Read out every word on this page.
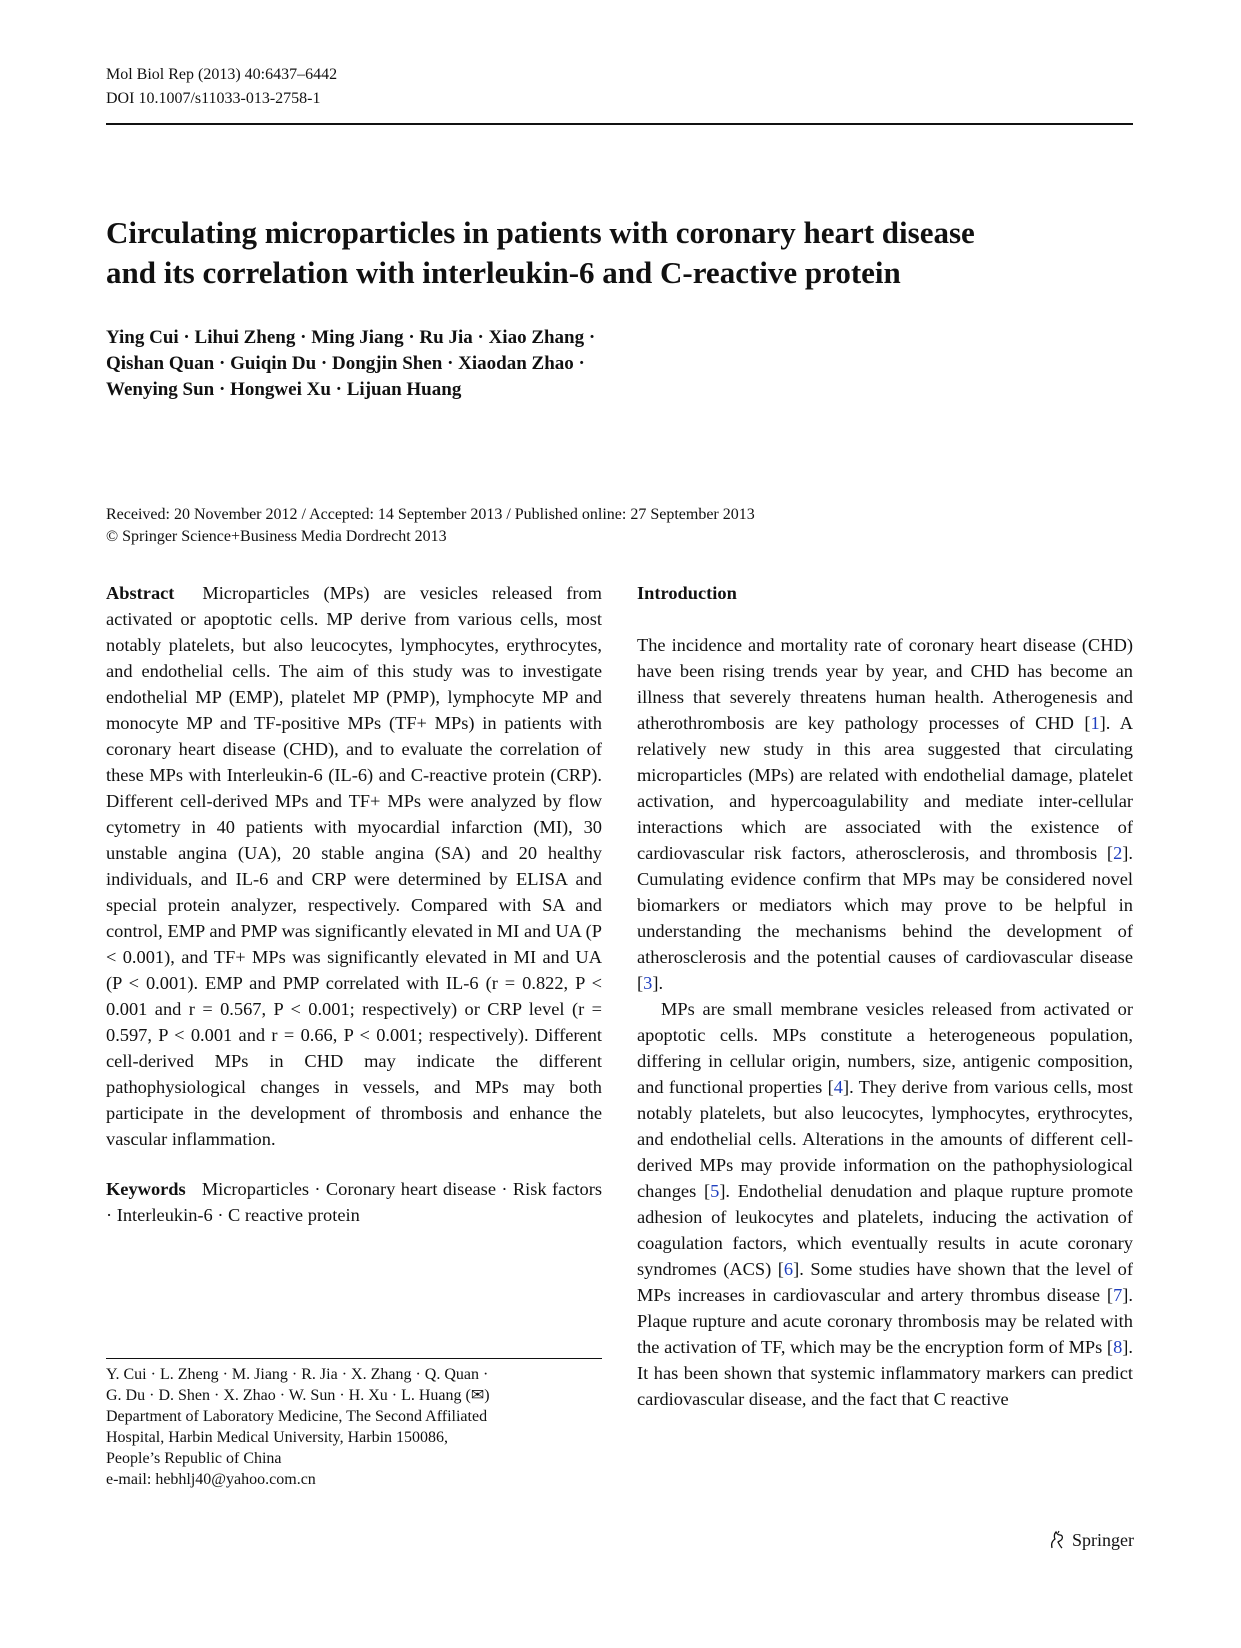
Mol Biol Rep (2013) 40:6437–6442
DOI 10.1007/s11033-013-2758-1
Circulating microparticles in patients with coronary heart disease
and its correlation with interleukin-6 and C-reactive protein
Ying Cui · Lihui Zheng · Ming Jiang · Ru Jia · Xiao Zhang ·
Qishan Quan · Guiqin Du · Dongjin Shen · Xiaodan Zhao ·
Wenying Sun · Hongwei Xu · Lijuan Huang
Received: 20 November 2012 / Accepted: 14 September 2013 / Published online: 27 September 2013
© Springer Science+Business Media Dordrecht 2013

Abstract Microparticles (MPs) are vesicles released from activated or apoptotic cells. MP derive from various cells, most notably platelets, but also leucocytes, lymphocytes, erythrocytes, and endothelial cells. The aim of this study was to investigate endothelial MP (EMP), platelet MP (PMP), lymphocyte MP and monocyte MP and TF-positive MPs (TF+ MPs) in patients with coronary heart disease (CHD), and to evaluate the correlation of these MPs with Interleukin-6 (IL-6) and C-reactive protein (CRP). Different cell-derived MPs and TF+ MPs were analyzed by flow cytometry in 40 patients with myocardial infarction (MI), 30 unstable angina (UA), 20 stable angina (SA) and 20 healthy individuals, and IL-6 and CRP were determined by ELISA and special protein analyzer, respectively. Compared with SA and control, EMP and PMP was significantly elevated in MI and UA (P < 0.001), and TF+ MPs was significantly elevated in MI and UA (P < 0.001). EMP and PMP correlated with IL-6 (r = 0.822, P < 0.001 and r = 0.567, P < 0.001; respectively) or CRP level (r = 0.597, P < 0.001 and r = 0.66, P < 0.001; respectively). Different cell-derived MPs in CHD may indicate the different pathophysiological changes in vessels, and MPs may both participate in the development of thrombosis and enhance the vascular inflammation.

Keywords Microparticles · Coronary heart disease · Risk factors · Interleukin-6 · C reactive protein

Y. Cui · L. Zheng · M. Jiang · R. Jia · X. Zhang · Q. Quan ·
G. Du · D. Shen · X. Zhao · W. Sun · H. Xu · L. Huang (✉)
Department of Laboratory Medicine, The Second Affiliated
Hospital, Harbin Medical University, Harbin 150086,
People’s Republic of China
e-mail: hebhlj40@yahoo.com.cn
Introduction

The incidence and mortality rate of coronary heart disease (CHD) have been rising trends year by year, and CHD has become an illness that severely threatens human health. Atherogenesis and atherothrombosis are key pathology processes of CHD [1]. A relatively new study in this area suggested that circulating microparticles (MPs) are related with endothelial damage, platelet activation, and hypercoagulability and mediate inter-cellular interactions which are associated with the existence of cardiovascular risk factors, atherosclerosis, and thrombosis [2]. Cumulating evidence confirm that MPs may be considered novel biomarkers or mediators which may prove to be helpful in understanding the mechanisms behind the development of atherosclerosis and the potential causes of cardiovascular disease [3].

MPs are small membrane vesicles released from activated or apoptotic cells. MPs constitute a heterogeneous population, differing in cellular origin, numbers, size, antigenic composition, and functional properties [4]. They derive from various cells, most notably platelets, but also leucocytes, lymphocytes, erythrocytes, and endothelial cells. Alterations in the amounts of different cell-derived MPs may provide information on the pathophysiological changes [5]. Endothelial denudation and plaque rupture promote adhesion of leukocytes and platelets, inducing the activation of coagulation factors, which eventually results in acute coronary syndromes (ACS) [6]. Some studies have shown that the level of MPs increases in cardiovascular and artery thrombus disease [7]. Plaque rupture and acute coronary thrombosis may be related with the activation of TF, which may be the encryption form of MPs [8]. It has been shown that systemic inflammatory markers can predict cardiovascular disease, and the fact that C reactive

Springer
